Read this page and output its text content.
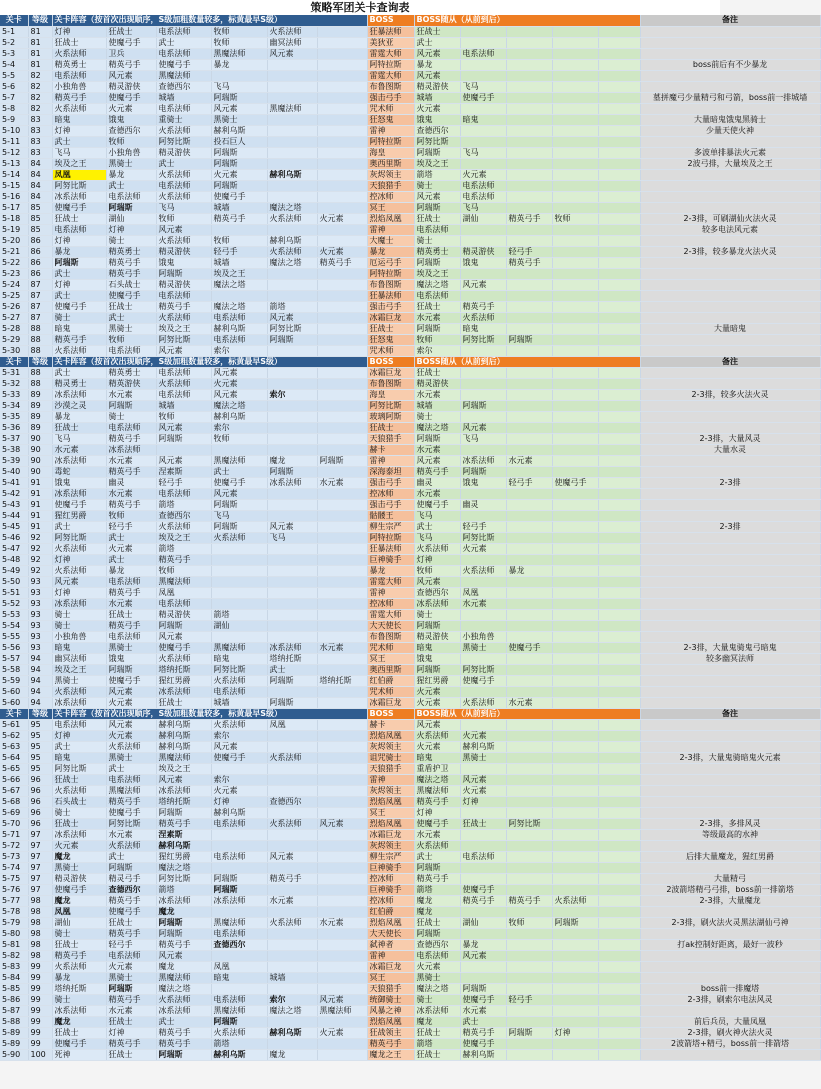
策略军团关卡查询表
关卡	等级	关卡阵容（按首次出现顺序，S级加粗数量较多，标黄最早S级）						BOSS	BOSS随从（从前到后）					备注
5-1	81	灯神	狂战士	电系法师	牧师	火系法师		狂暴法师	狂战士					
5-2	81	狂战士	使魔弓手	武士	牧师	幽冥法师		美狄亚	武士					
5-3	81	火系法师	卫兵	电系法师	黑魔法师	风元素		雷霆大师	风元素	电系法师				
5-4	81	精英勇士	精英弓手	使魔弓手	暴龙			阿特拉斯	暴龙					boss前后有不少暴龙
5-5	82	电系法师	风元素	黑魔法师				雷霆大师	风元素					
5-6	82	小独角兽	精灵游侠	查德西尔	飞马			布鲁图斯	精灵游侠	飞马				
5-7	82	精英弓手	使魔弓手	城墙	阿瑞斯			强击弓手	城墙	使魔弓手				墓拼魔弓少量精弓和弓箭，boss前一排城墙
5-8	82	火系法师	火元素	电系法师	风元素	黑魔法师		咒术师	火元素					
5-9	83	暗鬼	饿鬼	重骑士	黑骑士			狂怒鬼	饿鬼	暗鬼				大量暗鬼饿鬼黑骑士
5-10	83	灯神	查德西尔	火系法师	赫利乌斯			雷神	查德西尔					少量天使火神
5-11	83	武士	牧师	阿努比斯	投石巨人			阿特拉斯	阿努比斯					
5-12	83	飞马	小独角兽	精灵游侠	阿瑞斯			海皇	阿瑞斯	飞马				多波单排暴法火元素
5-13	84	埃及之王	黑骑士	武士	阿瑞斯			奥西里斯	埃及之王					2波弓排，大量埃及之王
5-14	84	凤凰	暴龙	火系法师	火元素	赫利乌斯		灰烬领主	箭塔	火元素				
5-15	84	阿努比斯	武士	电系法师	阿瑞斯			天狼猎手	骑士	电系法师				
5-16	84	冰系法师	电系法师	火系法师	使魔弓手			控冰师	风元素	电系法师				
5-17	85	使魔弓手	阿瑞斯	飞马	城墙	魔法之塔		冥王	阿瑞斯	飞马				
5-18	85	狂战士	湖仙	牧师	精英弓手	火系法师	火元素	烈焰凤凰	狂战士	湖仙	精英弓手	牧师		2-3排，可刷湖仙火法火灵
5-19	85	电系法师	灯神	风元素				雷神	电系法师					较多电法风元素
5-20	86	灯神	骑士	火系法师	牧师	赫利乌斯		大魔士	骑士					
5-21	86	暴龙	精英勇士	精灵游侠	轻弓手	火系法师	火元素	暴龙	精英勇士	精灵游侠	轻弓手			2-3排，较多暴龙火法火灵
5-22	86	阿瑞斯	精英弓手	饿鬼	城墙	魔法之塔	精英弓手	厄运弓手	阿瑞斯	饿鬼	精英弓手			
5-23	86	武士	精英弓手	阿瑞斯	埃及之王			阿特拉斯	埃及之王					
5-24	87	灯神	石头战士	精灵游侠	魔法之塔			布鲁图斯	魔法之塔	风元素				
5-25	87	武士	使魔弓手	电系法师				狂暴法师	电系法师					
5-26	87	使魔弓手	狂战士	精英弓手	魔法之塔	箭塔		强击弓手	狂战士	精英弓手				
5-27	87	骑士	武士	火系法师	电系法师	风元素		冰霜巨龙	水元素	火系法师				
5-28	88	暗鬼	黑骑士	埃及之王	赫利乌斯	阿努比斯		狂战士	阿瑞斯	暗鬼				大量暗鬼
5-29	88	精英弓手	牧师	阿努比斯	电系法师	阿瑞斯		狂怒鬼	牧师	阿努比斯	阿瑞斯			
5-30	88	火系法师	电系法师	风元素	索尔			咒术师	索尔					
关卡	等级	关卡阵容（按首次出现顺序，S级加粗数量较多，标黄最早S级）						BOSS	BOSS随从（从前到后）					备注
5-31	88	武士	精英勇士	电系法师	风元素			冰霜巨龙	狂战士					
5-32	88	精灵勇士	精英游侠	火系法师	火元素			布鲁图斯	精灵游侠					
5-33	89	冰系法师	水元素	电系法师	风元素	索尔		海皇	水元素					2-3排，较多火法火灵
5-34	89	沙漠之灵	阿瑞斯	城墙	魔法之塔			阿努比斯	城墙	阿瑞斯				
5-35	89	暴龙	骑士	牧师	赫利乌斯			玻璃阿斯	骑士					
5-36	89	狂战士	电系法师	风元素	索尔			狂战士	魔法之塔	风元素				
5-37	90	飞马	精英弓手	阿瑞斯	牧师			天狼猎手	阿瑞斯	飞马				2-3排，大量风灵
5-38	90	水元素	冰系法师					赫卡	水元素					大量水灵
5-39	90	冰系法师	水元素	风元素	黑魔法师	魔龙	阿瑞斯	雷神	风元素	冰系法师	水元素			
5-40	90	毒蛇	精英弓手	涅素斯	武士	阿瑞斯		深海泰坦	精英弓手	阿瑞斯				
5-41	91	饿鬼	幽灵	轻弓手	使魔弓手	冰系法师	水元素	强击弓手	幽灵	饿鬼	轻弓手	使魔弓手		2-3排
5-42	91	冰系法师	水元素	电系法师	风元素			控冰师	水元素					
5-43	91	使魔弓手	精英弓手	箭塔	阿瑞斯			强击弓手	使魔弓手	幽灵				
5-44	91	猩红男爵	牧师	查德西尔	飞马			骷髅王	飞马					
5-45	91	武士	轻弓手	火系法师	阿瑞斯	风元素		柳生宗严	武士	轻弓手				2-3排
5-46	92	阿努比斯	武士	埃及之王	火系法师	飞马		阿特拉斯	飞马	阿努比斯				
5-47	92	火系法师	火元素	箭塔				狂暴法师	火系法师	火元素				
5-48	92	灯神	武士	精英弓手				巨神骑手	灯神					
5-49	92	火系法师	暴龙	牧师				暴龙	牧师	火系法师	暴龙			
5-50	93	风元素	电系法师	黑魔法师				雷霆大师	风元素					
5-51	93	灯神	精英弓手	凤凰				雷神	查德西尔	凤凰				
5-52	93	冰系法师	水元素	电系法师				控冰师	冰系法师	水元素				
5-53	93	骑士	狂战士	精灵游侠	箭塔			雷霆大师	骑士					
5-54	93	骑士	精英弓手	阿瑞斯	湖仙			大天使长	阿瑞斯					
5-55	93	小独角兽	电系法师	风元素				布鲁图斯	精灵游侠	小独角兽				
5-56	93	暗鬼	黑骑士	使魔弓手	黑魔法师	冰系法师	水元素	咒术师	暗鬼	黑骑士	使魔弓手			2-3排，大量鬼骑鬼弓暗鬼
5-57	94	幽冥法师	饿鬼	火系法师	暗鬼	塔纳托斯		冥王	饿鬼					较多幽冥法师
5-58	94	埃及之王	阿瑞斯	塔纳托斯	阿努比斯	武士		奥西里斯	阿瑞斯	阿努比斯				
5-59	94	黑骑士	使魔弓手	猩红男爵	火系法师	阿瑞斯	塔纳托斯	红伯爵	猩红男爵	使魔弓手				
5-60	94	火系法师	风元素	冰系法师	电系法师			咒术师	火元素					
5-60	94	冰系法师	火元素	狂战士	城墙	阿瑞斯		冰霜巨龙	火元素	火系法师	水元素			
关卡	等级	关卡阵容（按首次出现顺序，S级加粗数量较多，标黄最早S级）						BOSS	BOSS随从（从前到后）					备注
5-61	95	电系法师	风元素	赫利乌斯	火系法师	凤凰		赫卡	风元素					
5-62	95	灯神	火元素	赫利乌斯	索尔			烈焰凤凰	火系法师	火元素				
5-63	95	武士	火系法师	赫利乌斯	风元素			灰烬领主	火元素	赫利乌斯				
5-64	95	暗鬼	黑骑士	黑魔法师	使魔弓手	火系法师		诅咒骑士	暗鬼	黑骑士				2-3排，大量鬼骑暗鬼火元素
5-65	95	阿努比斯	武士	埃及之王				天狼猎手	重盾护卫					
5-66	96	狂战士	电系法师	风元素	索尔			雷神	魔法之塔	风元素				
5-67	96	火系法师	黑魔法师	冰系法师	火元素			灰烬领主	黑魔法师	火元素				
5-68	96	石头战士	精英弓手	塔纳托斯	灯神	查德西尔		烈焰凤凰	精英弓手	灯神				
5-69	96	骑士	使魔弓手	阿瑞斯	赫利乌斯			冥王	灯神					
5-70	96	狂战士	阿努比斯	精英弓手	电系法师	火系法师	风元素	烈焰凤凰	使魔弓手	狂战士	阿努比斯			2-3排，多排风灵
5-71	97	冰系法师	水元素	涅素斯				冰霜巨龙	水元素					等级最高的水神
5-72	97	火元素	火系法师	赫利乌斯				灰烬领主	火系法师					
5-73	97	魔龙	武士	猩红男爵	电系法师	风元素		柳生宗严	武士	电系法师				后排大量魔龙，猩红男爵
5-74	97	黑骑士	阿瑞斯	魔法之塔				巨神骑手	阿瑞斯					
5-75	97	精灵游侠	精灵弓手	阿努比斯	阿瑞斯	精英弓手		控冰师	精英弓手					大量精弓
5-76	97	使魔弓手	查德西尔	箭塔	阿瑞斯			巨神骑手	箭塔	使魔弓手				2波箭塔精弓弓排，boss前一排箭塔
5-77	98	魔龙	精英弓手	冰系法师	冰系法师	水元素		控冰师	魔龙	精英弓手	精英弓手	火系法师		2-3排，大量魔龙
5-78	98	凤凰	使魔弓手	魔龙				红伯爵	魔龙					
5-79	98	湖仙	狂战士	阿瑞斯	黑魔法师	火系法师	水元素	烈焰凤凰	狂战士	湖仙	牧师	阿瑞斯		2-3排，刷火法火灵黑法湖仙弓神
5-80	98	骑士	精英弓手	阿瑞斯	电系法师			大天使长	阿瑞斯					
5-81	98	狂战士	轻弓手	精英弓手	查德西尔			弑神者	查德西尔	暴龙				打ak控制好距离，最好一波秒
5-82	98	精英弓手	电系法师	风元素				雷神	电系法师	风元素				
5-83	99	火系法师	火元素	魔龙	凤凰			冰霜巨龙	火元素					
5-84	99	暴龙	黑骑士	黑魔法师	暗鬼	城墙		冥王	黑骑士					
5-85	99	塔纳托斯	阿瑞斯	魔法之塔				天狼猎手	魔法之塔	阿瑞斯				boss前一排魔塔
5-86	99	骑士	精英弓手	火系法师	电系法师	索尔	风元素	统御骑士	骑士	使魔弓手	轻弓手			2-3排，刷索尔电法风灵
5-87	99	冰系法师	水元素	冰系法师	黑魔法师	魔法之塔	黑魔法师	风暴之神	冰系法师	水元素				
5-88	99	魔龙	狂战士	武士	阿瑞斯			烈焰凤凰	魔龙	武士				前后兵员，大量凤凰
5-89	99	狂战士	灯神	精英弓手	火系法师	赫利乌斯	火元素	狂战领主	狂战士	精英弓手	阿瑞斯	灯神		2-3排，刷火神火法火灵
5-89	99	使魔弓手	精英弓手	精英弓手	箭塔			精英弓手	箭塔	使魔弓手				2波箭塔+精弓，boss前一排箭塔
5-90	100	死神	狂战士	阿瑞斯	赫利乌斯	魔龙		魔龙之王	狂战士	赫利乌斯				
